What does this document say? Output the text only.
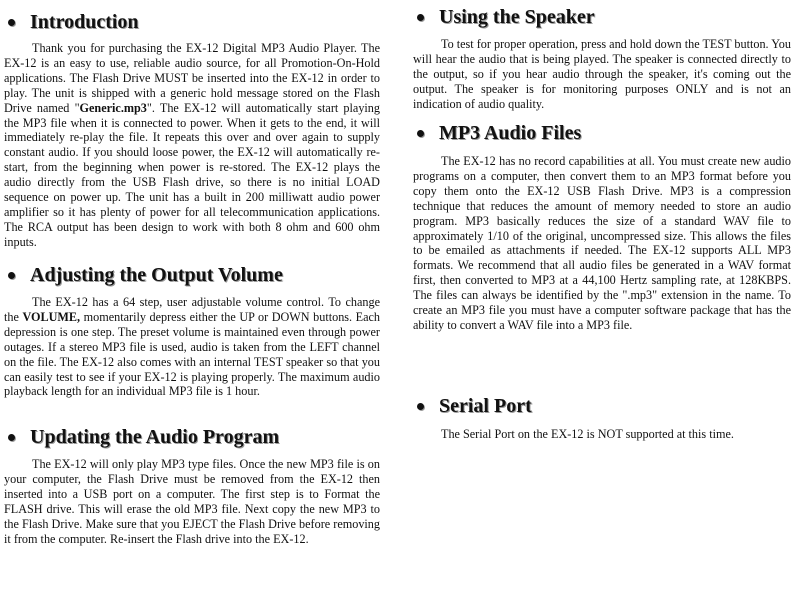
Introduction

Thank you for purchasing the EX-12 Digital MP3 Audio Player. The EX-12 is an easy to use, reliable audio source, for all Promotion-On-Hold applications. The Flash Drive MUST be inserted into the EX-12 in order to play. The unit is shipped with a generic hold message stored on the Flash Drive named "Generic.mp3". The EX-12 will automatically start playing the MP3 file when it is connected to power. When it gets to the end, it will immediately re-play the file. It repeats this over and over again to supply constant audio. If you should loose power, the EX-12 will automatically re-start, from the beginning when power is re-stored. The EX-12 plays the audio directly from the USB Flash drive, so there is no initial LOAD sequence on power up. The unit has a built in 200 milliwatt audio power amplifier so it has plenty of power for all telecommunication applications. The RCA output has been design to work with both 8 ohm and 600 ohm inputs.

Adjusting the Output Volume

The EX-12 has a 64 step, user adjustable volume control. To change the VOLUME, momentarily depress either the UP or DOWN buttons. Each depression is one step. The preset volume is maintained even through power outages. If a stereo MP3 file is used, audio is taken from the LEFT channel on the file. The EX-12 also comes with an internal TEST speaker so that you can easily test to see if your EX-12 is playing properly. The maximum audio playback length for an individual MP3 file is 1 hour.

Updating the Audio Program

The EX-12 will only play MP3 type files. Once the new MP3 file is on your computer, the Flash Drive must be removed from the EX-12 then inserted into a USB port on a computer. The first step is to Format the FLASH drive. This will erase the old MP3 file. Next copy the new MP3 to the Flash Drive. Make sure that you EJECT the Flash Drive before removing it from the computer. Re-insert the Flash drive into the EX-12.

Using the Speaker

To test for proper operation, press and hold down the TEST button. You will hear the audio that is being played. The speaker is connected directly to the output, so if you hear audio through the speaker, it's coming out the output. The speaker is for monitoring purposes ONLY and is not an indication of audio quality.

MP3 Audio Files

The EX-12 has no record capabilities at all. You must create new audio programs on a computer, then convert them to an MP3 format before you copy them onto the EX-12 USB Flash Drive. MP3 is a compression technique that reduces the amount of memory needed to store an audio program. MP3 basically reduces the size of a standard WAV file to approximately 1/10 of the original, uncompressed size. This allows the files to be emailed as attachments if needed. The EX-12 supports ALL MP3 formats. We recommend that all audio files be generated in a WAV format first, then converted to MP3 at a 44,100 Hertz sampling rate, at 128KBPS. The files can always be identified by the ".mp3" extension in the name. To create an MP3 file you must have a computer software package that has the ability to convert a WAV file into a MP3 file.

Serial Port

The Serial Port on the EX-12 is NOT supported at this time.
